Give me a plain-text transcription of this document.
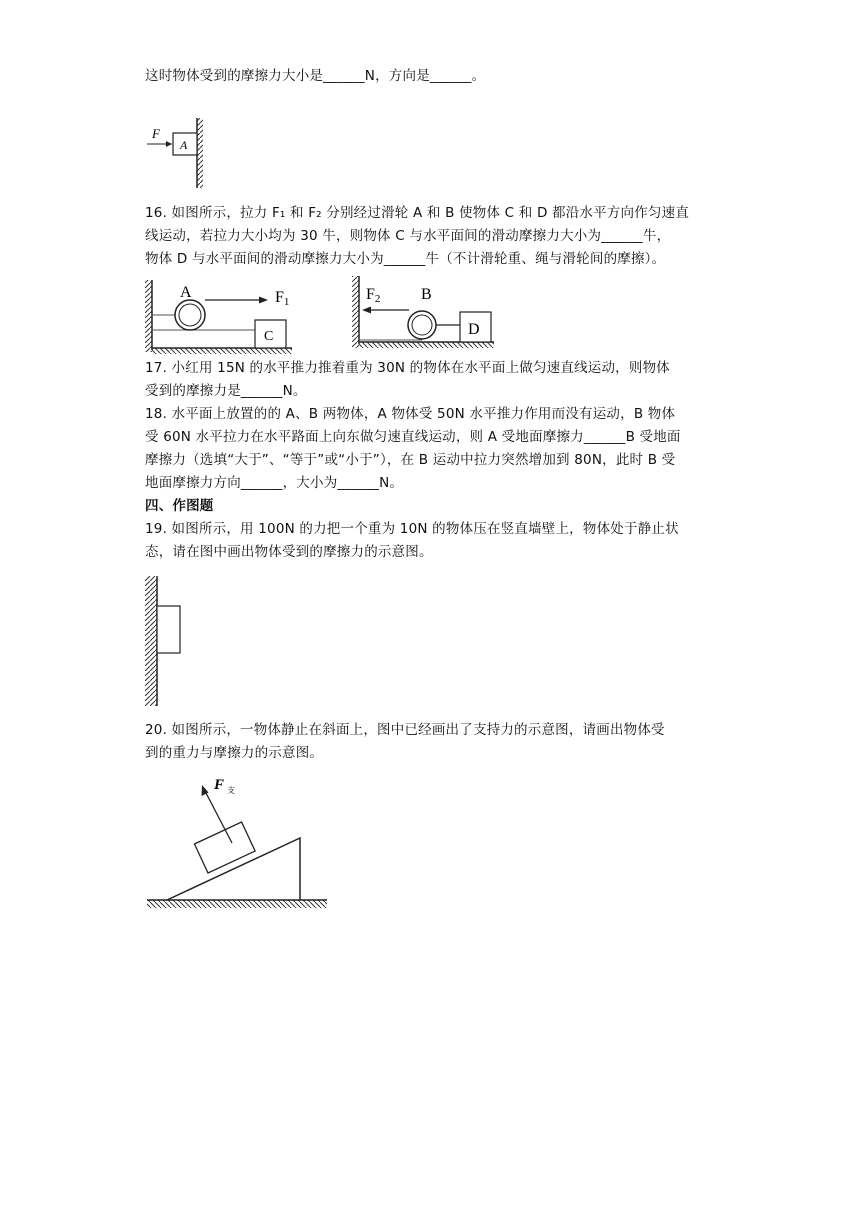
这时物体受到的摩擦力大小是______N，方向是______。
A
F
16. 如图所示，拉力 F₁ 和 F₂ 分别经过滑轮 A 和 B 使物体 C 和 D 都沿水平方向作匀速直
线运动，若拉力大小均为 30 牛，则物体 C 与水平面间的滑动摩擦力大小为______牛，
物体 D 与水平面间的滑动摩擦力大小为______牛（不计滑轮重、绳与滑轮间的摩擦）。
A	F1
C
B
F2
D
17. 小红用 15N 的水平推力推着重为 30N 的物体在水平面上做匀速直线运动，则物体
受到的摩擦力是______N。
18. 水平面上放置的的 A、B 两物体，A 物体受 50N 水平推力作用而没有运动，B 物体
受 60N 水平拉力在水平路面上向东做匀速直线运动，则 A 受地面摩擦力______B 受地面
摩擦力（选填“大于”、“等于”或“小于”），在 B 运动中拉力突然增加到 80N，此时 B 受
地面摩擦力方向______，大小为______N。
四、作图题
19. 如图所示，用 100N 的力把一个重为 10N 的物体压在竖直墙壁上，物体处于静止状
态，请在图中画出物体受到的摩擦力的示意图。
20. 如图所示，一物体静止在斜面上，图中已经画出了支持力的示意图，请画出物体受
到的重力与摩擦力的示意图。
F $_支$
